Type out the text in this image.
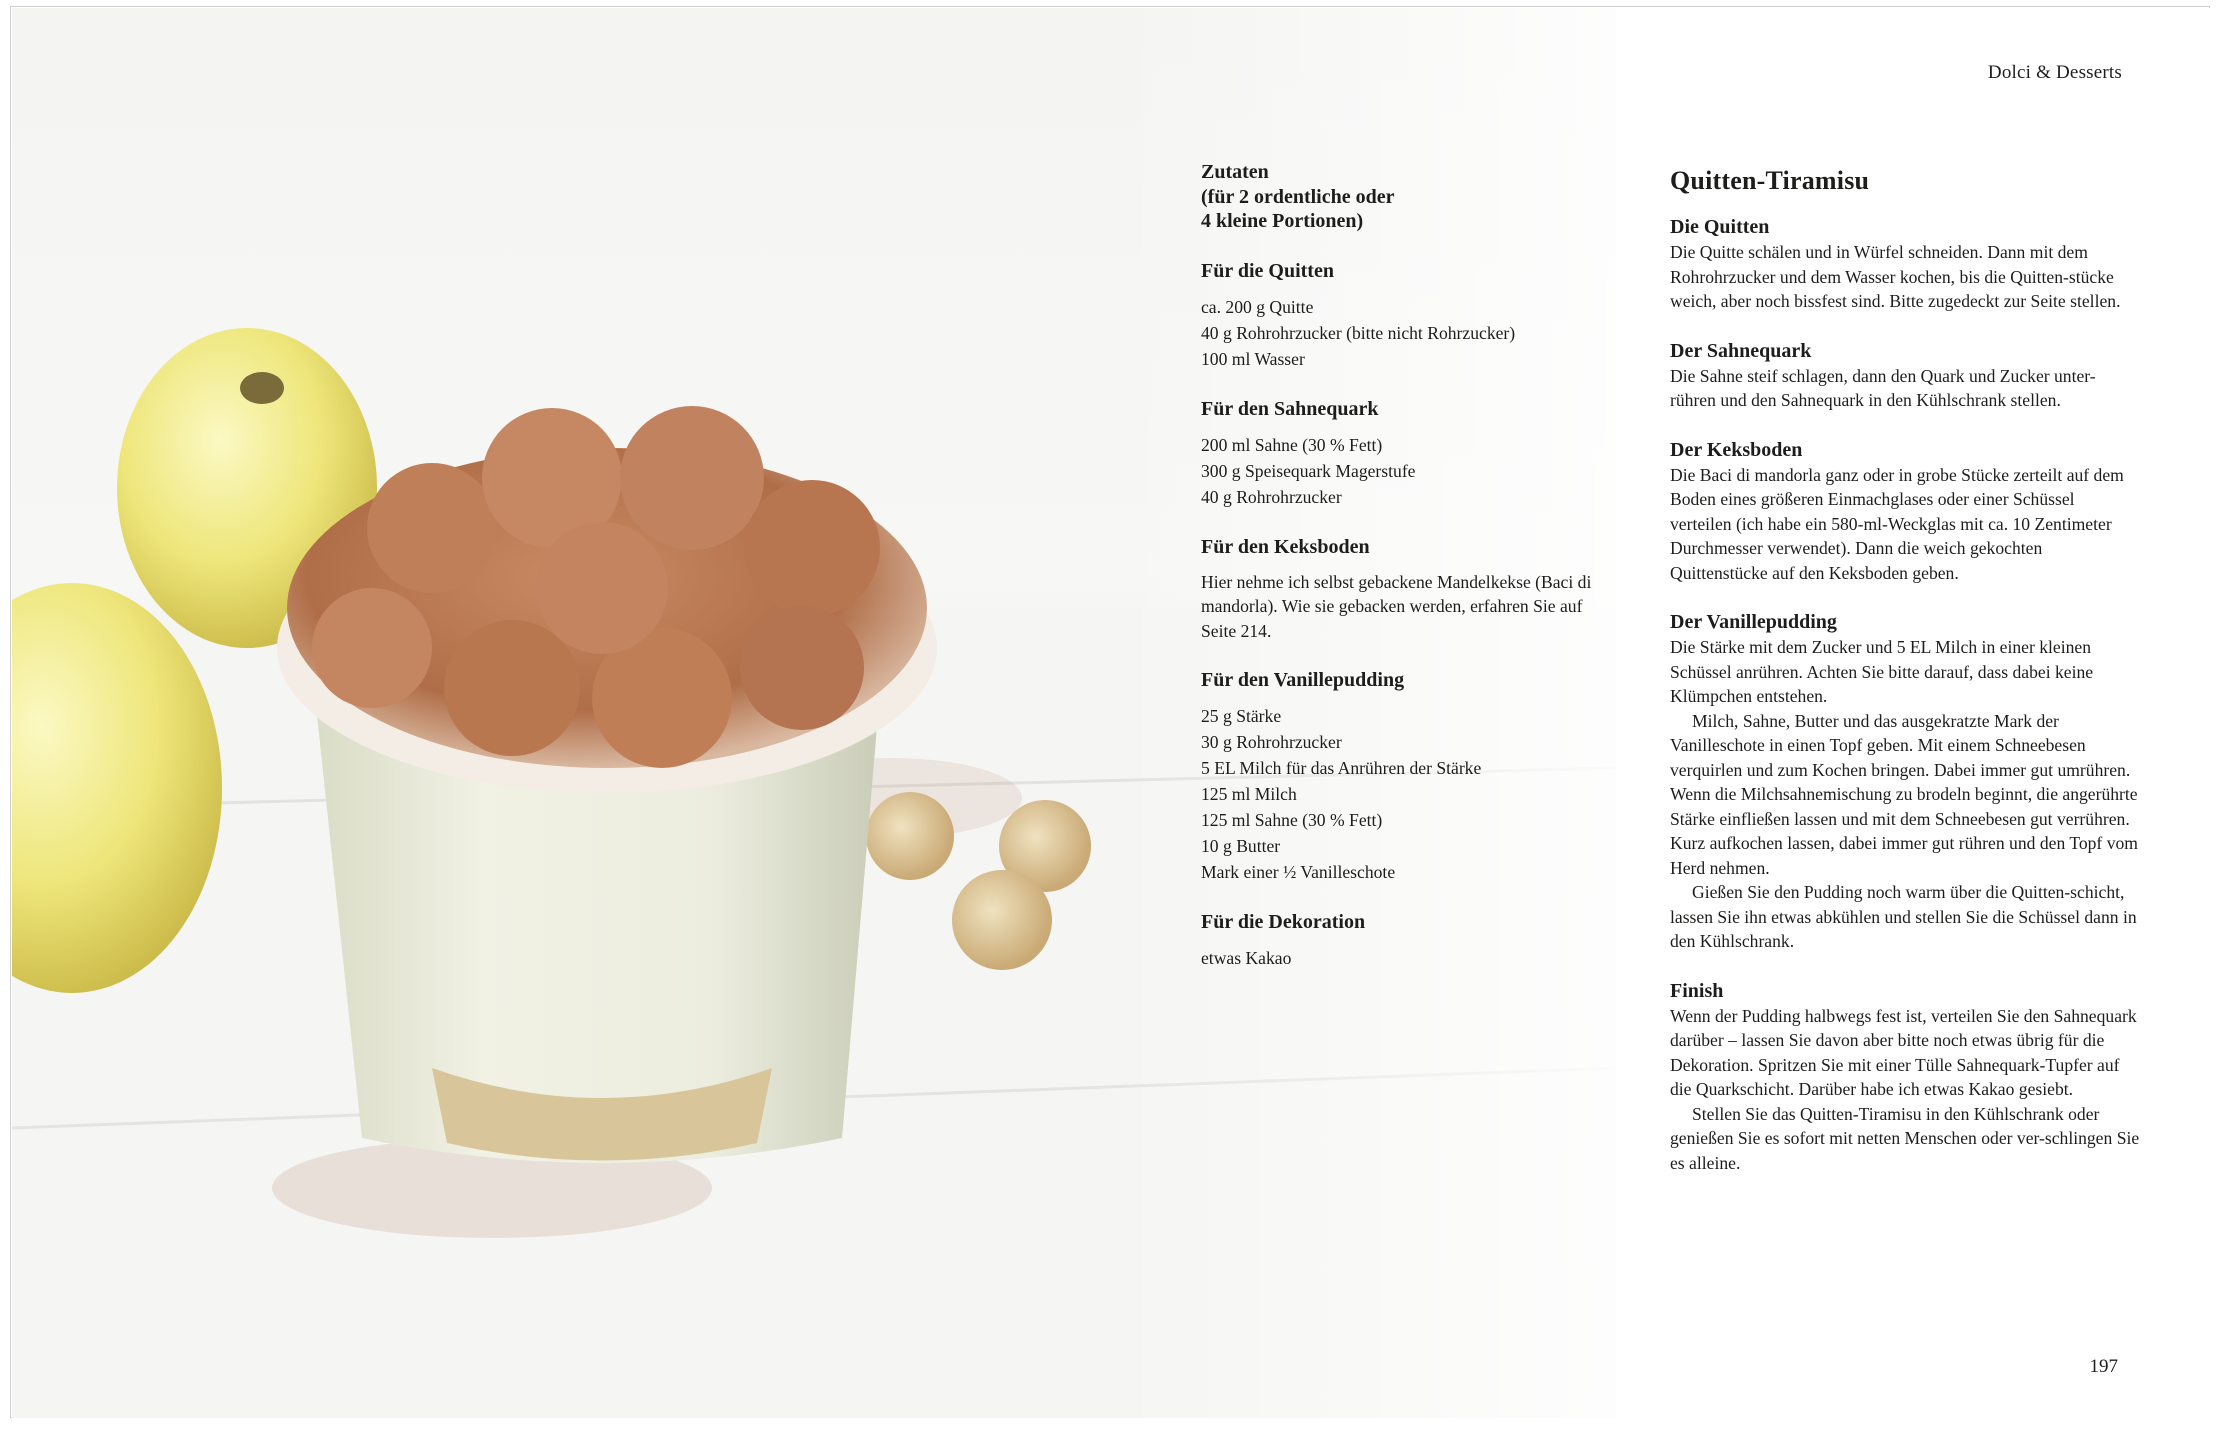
Zutaten
(für 2 ordentliche oder
4 kleine Portionen)
Für die Quitten
ca. 200 g Quitte
40 g Rohrohrzucker (bitte nicht Rohrzucker)
100 ml Wasser
Für den Sahnequark
200 ml Sahne (30 % Fett)
300 g Speisequark Magerstufe
40 g Rohrohrzucker
Für den Keksboden

Hier nehme ich selbst gebackene Mandelkekse (Baci di mandorla). Wie sie gebacken werden, erfahren Sie auf Seite 214.

Für den Vanillepudding
25 g Stärke
30 g Rohrohrzucker
5 EL Milch für das Anrühren der Stärke
125 ml Milch
125 ml Sahne (30 % Fett)
10 g Butter
Mark einer ½ Vanilleschote
Für die Dekoration
etwas Kakao
Dolci & Desserts
Quitten-Tiramisu
Die Quitten

Die Quitte schälen und in Würfel schneiden. Dann mit dem Rohrohrzucker und dem Wasser kochen, bis die Quitten-stücke weich, aber noch bissfest sind. Bitte zugedeckt zur Seite stellen.

Der Sahnequark

Die Sahne steif schlagen, dann den Quark und Zucker unter-rühren und den Sahnequark in den Kühlschrank stellen.

Der Keksboden

Die Baci di mandorla ganz oder in grobe Stücke zerteilt auf dem Boden eines größeren Einmachglases oder einer Schüssel verteilen (ich habe ein 580-ml-Weckglas mit ca. 10 Zentimeter Durchmesser verwendet). Dann die weich gekochten Quittenstücke auf den Keksboden geben.

Der Vanillepudding

Die Stärke mit dem Zucker und 5 EL Milch in einer kleinen Schüssel anrühren. Achten Sie bitte darauf, dass dabei keine Klümpchen entstehen.

Milch, Sahne, Butter und das ausgekratzte Mark der Vanilleschote in einen Topf geben. Mit einem Schneebesen verquirlen und zum Kochen bringen. Dabei immer gut umrühren. Wenn die Milchsahnemischung zu brodeln beginnt, die angerührte Stärke einfließen lassen und mit dem Schneebesen gut verrühren. Kurz aufkochen lassen, dabei immer gut rühren und den Topf vom Herd nehmen.

Gießen Sie den Pudding noch warm über die Quitten-schicht, lassen Sie ihn etwas abkühlen und stellen Sie die Schüssel dann in den Kühlschrank.

Finish

Wenn der Pudding halbwegs fest ist, verteilen Sie den Sahnequark darüber – lassen Sie davon aber bitte noch etwas übrig für die Dekoration. Spritzen Sie mit einer Tülle Sahnequark-Tupfer auf die Quarkschicht. Darüber habe ich etwas Kakao gesiebt.

Stellen Sie das Quitten-Tiramisu in den Kühlschrank oder genießen Sie es sofort mit netten Menschen oder ver-schlingen Sie es alleine.

197
